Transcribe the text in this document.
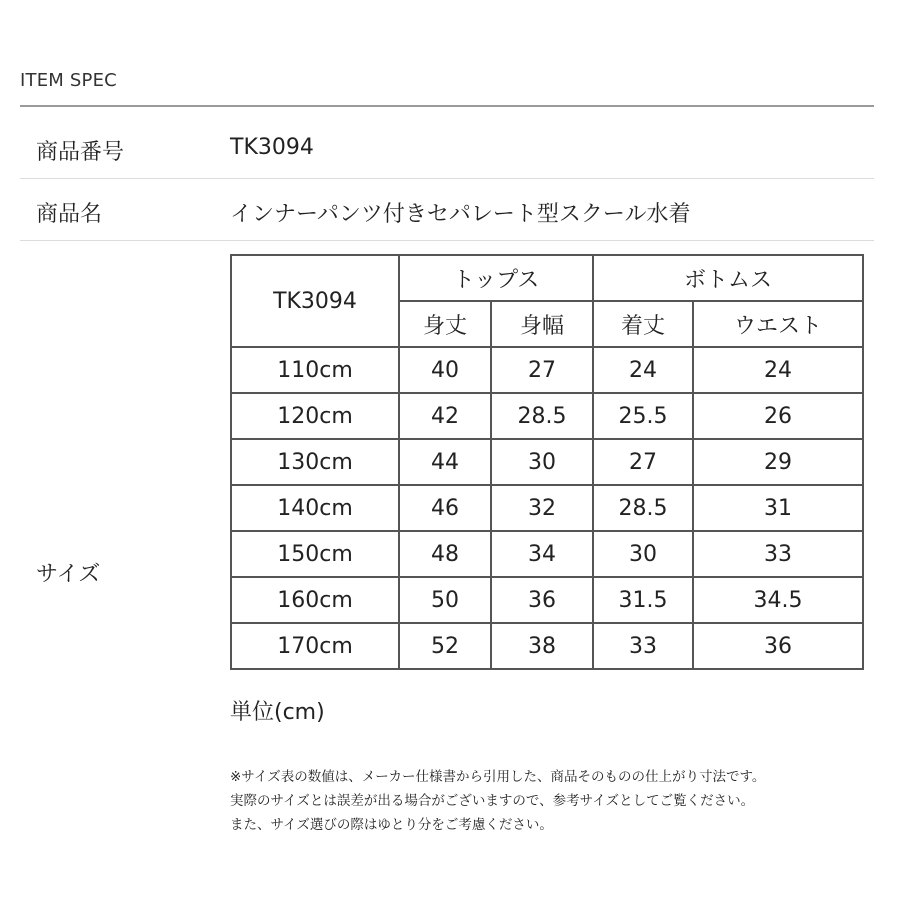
ITEM SPEC
商品番号	TK3094
商品名	インナーパンツ付きセパレート型スクール水着
サイズ
TK3094	トップス		ボトムス	
	身丈	身幅	着丈	ウエスト
110cm	40	27	24	24
120cm	42	28.5	25.5	26
130cm	44	30	27	29
140cm	46	32	28.5	31
150cm	48	34	30	33
160cm	50	36	31.5	34.5
170cm	52	38	33	36
単位(cm)
※サイズ表の数値は、メーカー仕様書から引用した、商品そのものの仕上がり寸法です。
実際のサイズとは誤差が出る場合がございますので、参考サイズとしてご覧ください。
また、サイズ選びの際はゆとり分をご考慮ください。
